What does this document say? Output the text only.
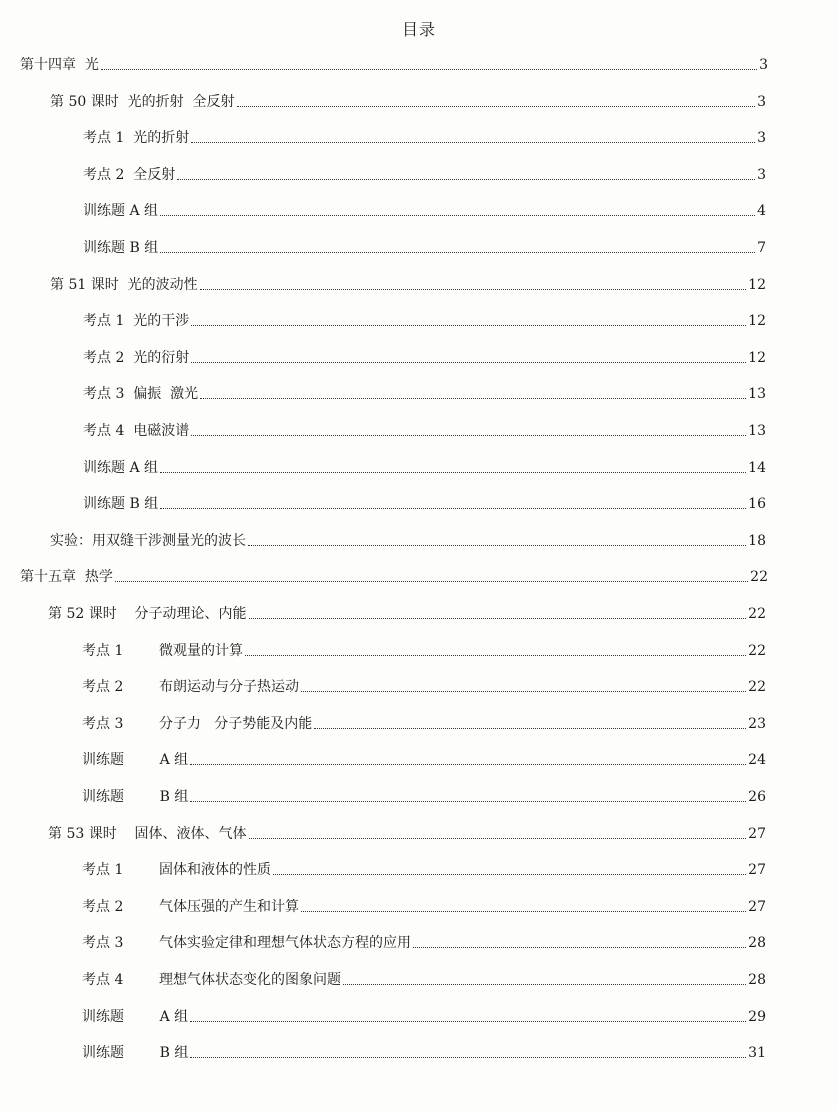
目录
第十四章  光	3
第 50 课时  光的折射  全反射	3
考点 1  光的折射	3
考点 2  全反射	3
训练题 A 组	4
训练题 B 组	7
第 51 课时  光的波动性	12
考点 1  光的干涉	12
考点 2  光的衍射	12
考点 3  偏振  激光	13
考点 4  电磁波谱	13
训练题 A 组	14
训练题 B 组	16
实验：用双缝干涉测量光的波长	18
第十五章  热学	22
第 52 课时    分子动理论、内能	22
考点 1        微观量的计算	22
考点 2        布朗运动与分子热运动	22
考点 3        分子力   分子势能及内能	23
训练题        A 组	24
训练题        B 组	26
第 53 课时    固体、液体、气体	27
考点 1        固体和液体的性质	27
考点 2        气体压强的产生和计算	27
考点 3        气体实验定律和理想气体状态方程的应用	28
考点 4        理想气体状态变化的图象问题	28
训练题        A 组	29
训练题        B 组	31
